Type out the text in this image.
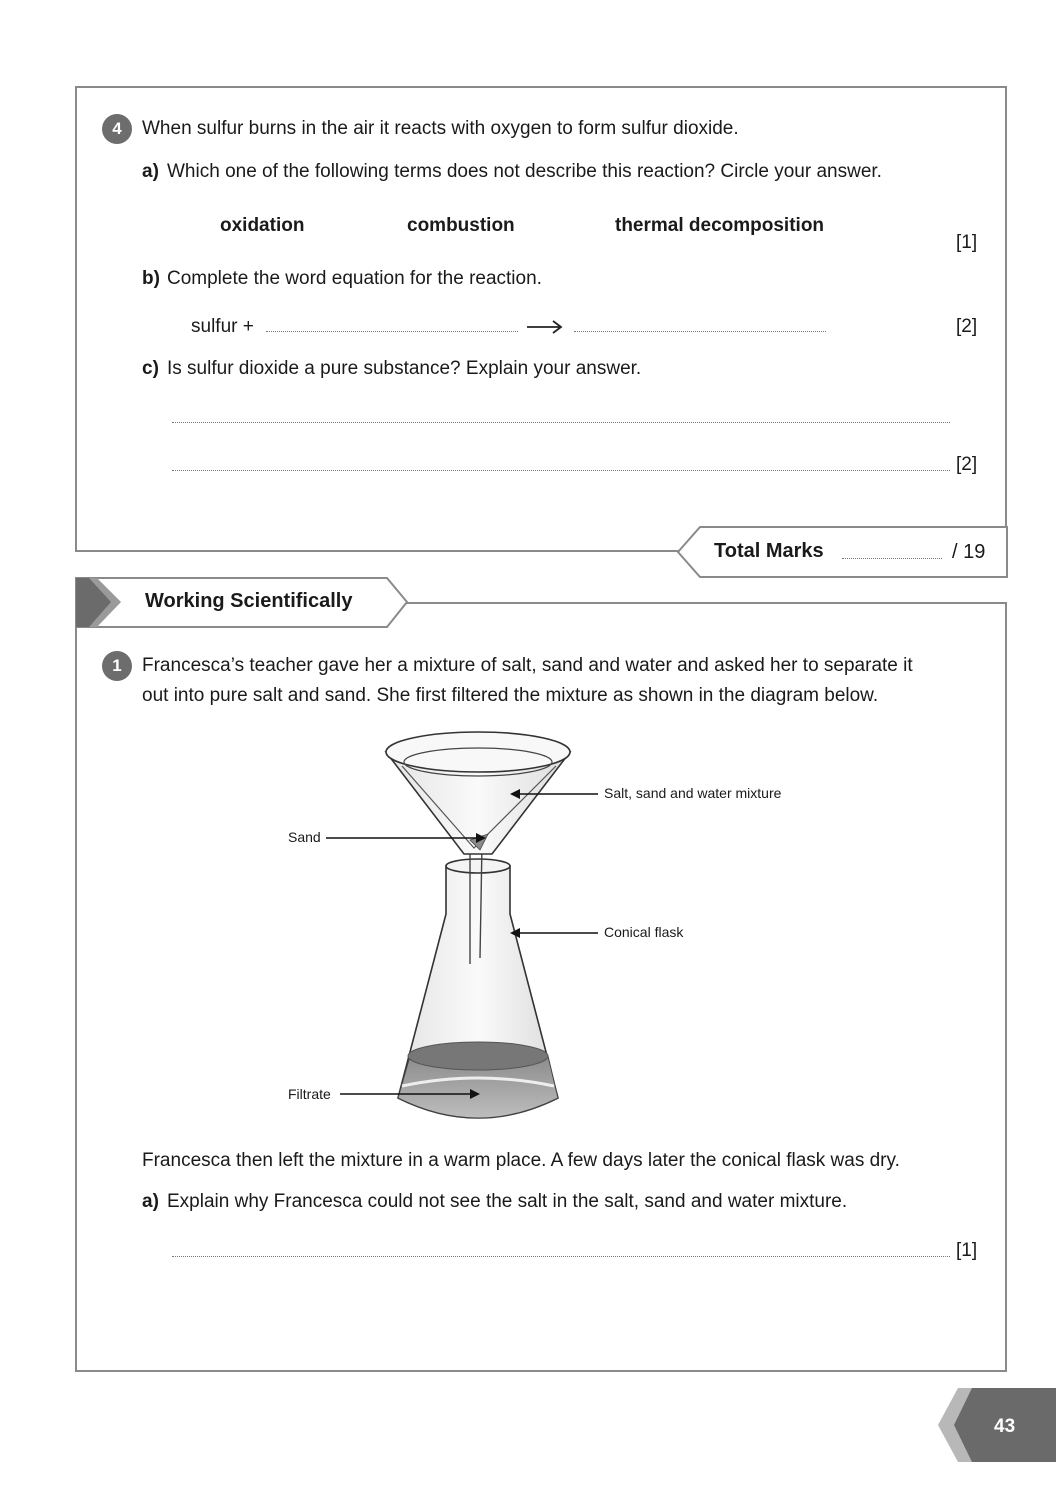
4	When sulfur burns in the air it reacts with oxygen to form sulfur dioxide.
a) Which one of the following terms does not describe this reaction? Circle your answer.
oxidation	combustion	thermal decomposition
[1]
b) Complete the word equation for the reaction.
sulfur +	[2]
c) Is sulfur dioxide a pure substance? Explain your answer.
[2]
Total Marks	/ 19
Working Scientifically
1	Francesca’s teacher gave her a mixture of salt, sand and water and asked her to separate it
out into pure salt and sand. She first filtered the mixture as shown in the diagram below.
Salt, sand and water mixture
Sand
Conical flask
Filtrate
Francesca then left the mixture in a warm place. A few days later the conical flask was dry.
a) Explain why Francesca could not see the salt in the salt, sand and water mixture.
[1]
43
